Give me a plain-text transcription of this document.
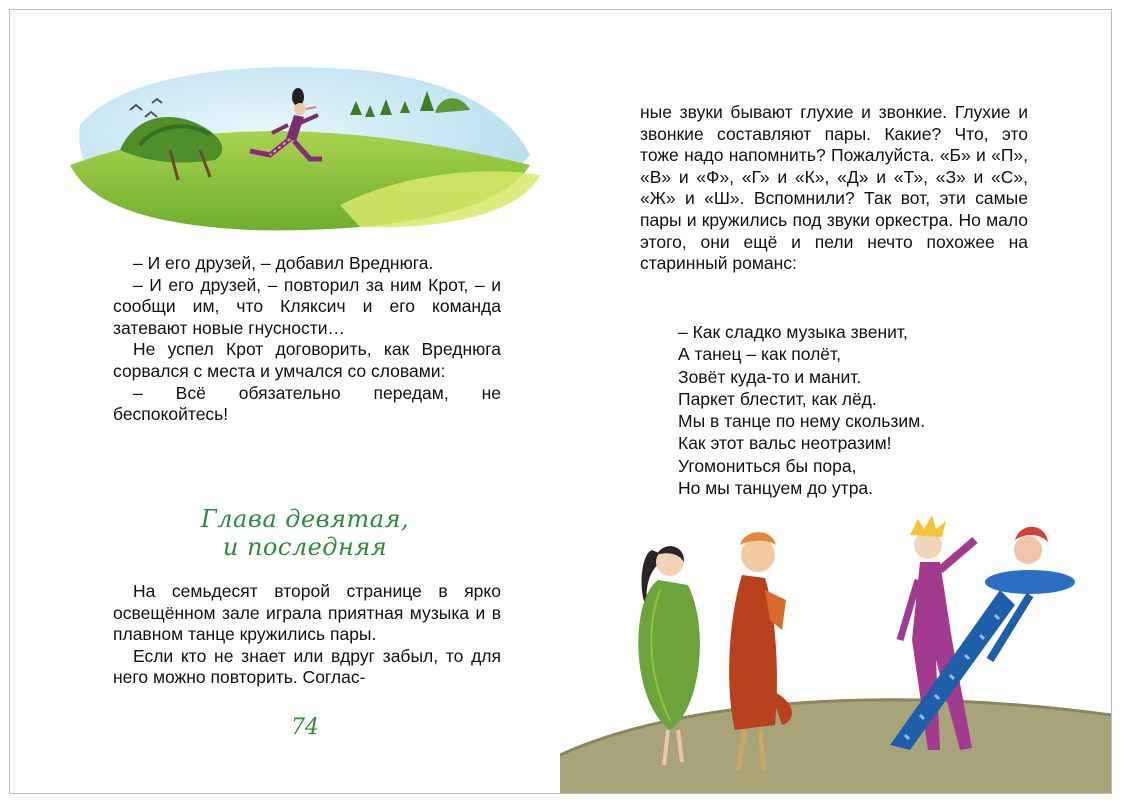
– И его друзей, – добавил Вреднюга.

– И его друзей, – повторил за ним Крот, – и сообщи им, что Кляксич и его команда затевают новые гнусности…

Не успел Крот договорить, как Вреднюга сорвался с места и умчался со словами:

– Всё обязательно передам, не беспокойтесь!

Глава девятая,
и последняя

На семьдесят второй странице в ярко освещённом зале играла приятная музыка и в плавном танце кружились пары.

Если кто не знает или вдруг забыл, то для него можно повторить. Соглас-

74

ные звуки бывают глухие и звонкие. Глухие и звонкие составляют пары. Какие? Что, это тоже надо напомнить? Пожалуйста. «Б» и «П», «В» и «Ф», «Г» и «К», «Д» и «Т», «З» и «С», «Ж» и «Ш». Вспомнили? Так вот, эти самые пары и кружились под звуки оркестра. Но мало этого, они ещё и пели нечто похожее на старинный романс:

– Как сладко музыка звенит,
А танец – как полёт,
Зовёт куда-то и манит.
Паркет блестит, как лёд.
Мы в танце по нему скользим.
Как этот вальс неотразим!
Угомониться бы пора,
Но мы танцуем до утра.
